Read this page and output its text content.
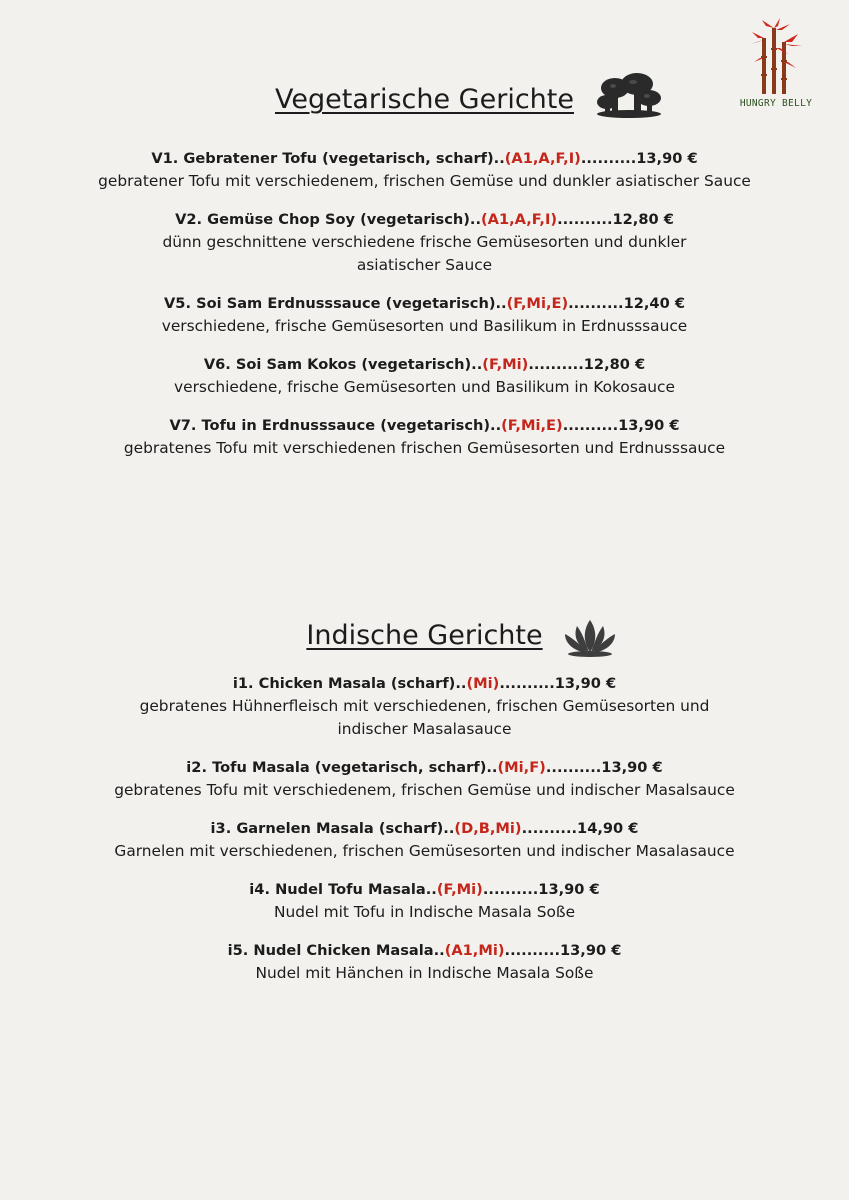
HUNGRY BELLY
Vegetarische Gerichte
V1. Gebratener Tofu (vegetarisch, scharf)..(A1,A,F,I)..........13,90 €
gebratener Tofu mit verschiedenem, frischen Gemüse und dunkler asiatischer Sauce
V2. Gemüse Chop Soy (vegetarisch)..(A1,A,F,I)..........12,80 €
dünn geschnittene verschiedene frische Gemüsesorten und dunkler asiatischer Sauce
V5. Soi Sam Erdnusssauce (vegetarisch)..(F,Mi,E)..........12,40 €
verschiedene, frische Gemüsesorten und Basilikum in Erdnusssauce
V6. Soi Sam Kokos (vegetarisch)..(F,Mi)..........12,80 €
verschiedene, frische Gemüsesorten und Basilikum in Kokosauce
V7. Tofu in Erdnusssauce (vegetarisch)..(F,Mi,E)..........13,90 €
gebratenes Tofu mit verschiedenen frischen Gemüsesorten und Erdnusssauce
Indische Gerichte
i1. Chicken Masala (scharf)..(Mi)..........13,90 €
gebratenes Hühnerfleisch mit verschiedenen, frischen Gemüsesorten und indischer Masalasauce
i2. Tofu Masala (vegetarisch, scharf)..(Mi,F)..........13,90 €
gebratenes Tofu mit verschiedenem, frischen Gemüse und indischer Masalsauce
i3. Garnelen Masala (scharf)..(D,B,Mi)..........14,90 €
Garnelen mit verschiedenen, frischen Gemüsesorten und indischer Masalasauce
i4. Nudel Tofu Masala..(F,Mi)..........13,90 €
Nudel mit Tofu in Indische Masala Soße
i5. Nudel Chicken Masala..(A1,Mi)..........13,90 €
Nudel mit Hänchen in Indische Masala Soße
